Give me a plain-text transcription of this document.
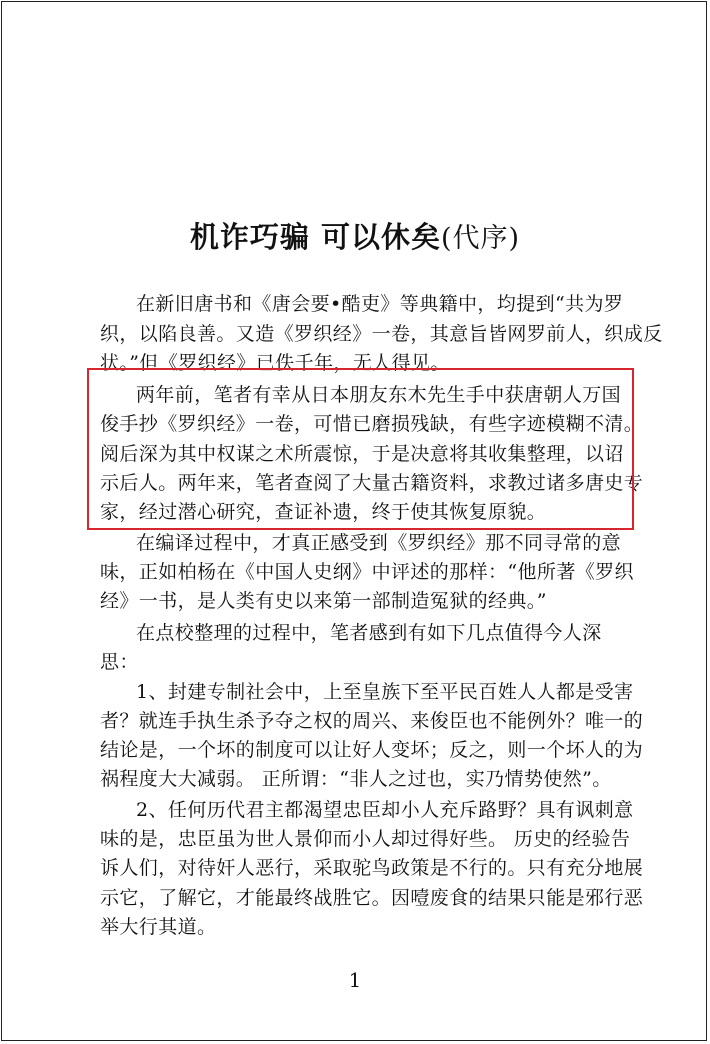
机诈巧骗 可以休矣(代序)
在新旧唐书和《唐会要•酷吏》等典籍中，均提到“共为罗
织，以陷良善。又造《罗织经》一卷，其意旨皆网罗前人，织成反
状。”但《罗织经》已佚千年，无人得见。
两年前，笔者有幸从日本朋友东木先生手中获唐朝人万国
俊手抄《罗织经》一卷，可惜已磨损残缺，有些字迹模糊不清。
阅后深为其中权谋之术所震惊，于是决意将其收集整理，以诏
示后人。两年来，笔者查阅了大量古籍资料，求教过诸多唐史专
家，经过潜心研究，查证补遗，终于使其恢复原貌。
在编译过程中，才真正感受到《罗织经》那不同寻常的意
味，正如柏杨在《中国人史纲》中评述的那样：“他所著《罗织
经》一书，是人类有史以来第一部制造冤狱的经典。”
在点校整理的过程中，笔者感到有如下几点值得今人深
思：
1、封建专制社会中，上至皇族下至平民百姓人人都是受害
者？就连手执生杀予夺之权的周兴、来俊臣也不能例外？唯一的
结论是，一个坏的制度可以让好人变坏；反之，则一个坏人的为
祸程度大大减弱。 正所谓：“非人之过也，实乃情势使然”。
2、任何历代君主都渴望忠臣却小人充斥路野？具有讽刺意
味的是，忠臣虽为世人景仰而小人却过得好些。 历史的经验告
诉人们，对待奸人恶行，采取驼鸟政策是不行的。只有充分地展
示它，了解它，才能最终战胜它。因噎废食的结果只能是邪行恶
举大行其道。
1
